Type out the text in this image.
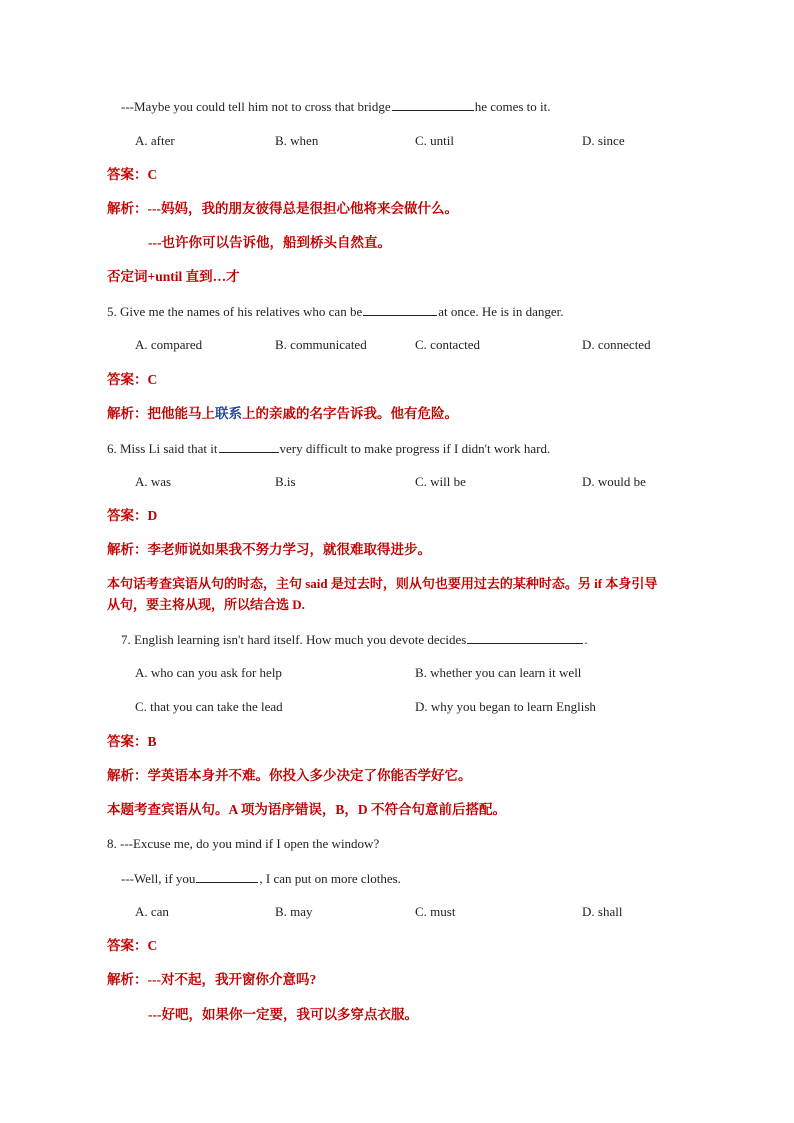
---Maybe you could tell him not to cross that bridge	he comes to it.
A. after	B. when	C. until	D. since
答案：C
解析：---妈妈，我的朋友彼得总是很担心他将来会做什么。
---也许你可以告诉他，船到桥头自然直。
否定词+until 直到…才
5. Give me the names of his relatives who can be	at once. He is in danger.
A. compared	B. communicated	C. contacted	D. connected
答案：C
解析：把他能马上联系上的亲戚的名字告诉我。他有危险。
6. Miss Li said that it	very difficult to make progress if I didn't work hard.
A. was	B.is	C. will be	D. would be
答案：D
解析：李老师说如果我不努力学习，就很难取得进步。
本句话考查宾语从句的时态，主句 said 是过去时，则从句也要用过去的某种时态。另 if 本身引导
从句，要主将从现，所以结合选 D.
7. English learning isn't hard itself. How much you devote decides	.
A. who can you ask for help	B. whether you can learn it well
C. that you can take the lead	D. why you began to learn English
答案：B
解析：学英语本身并不难。你投入多少决定了你能否学好它。
本题考查宾语从句。A 项为语序错误，B，D 不符合句意前后搭配。
8. ---Excuse me, do you mind if I open the window?
---Well, if you	, I can put on more clothes.
A. can	B. may	C. must	D. shall
答案：C
解析：---对不起，我开窗你介意吗?
---好吧，如果你一定要，我可以多穿点衣服。
